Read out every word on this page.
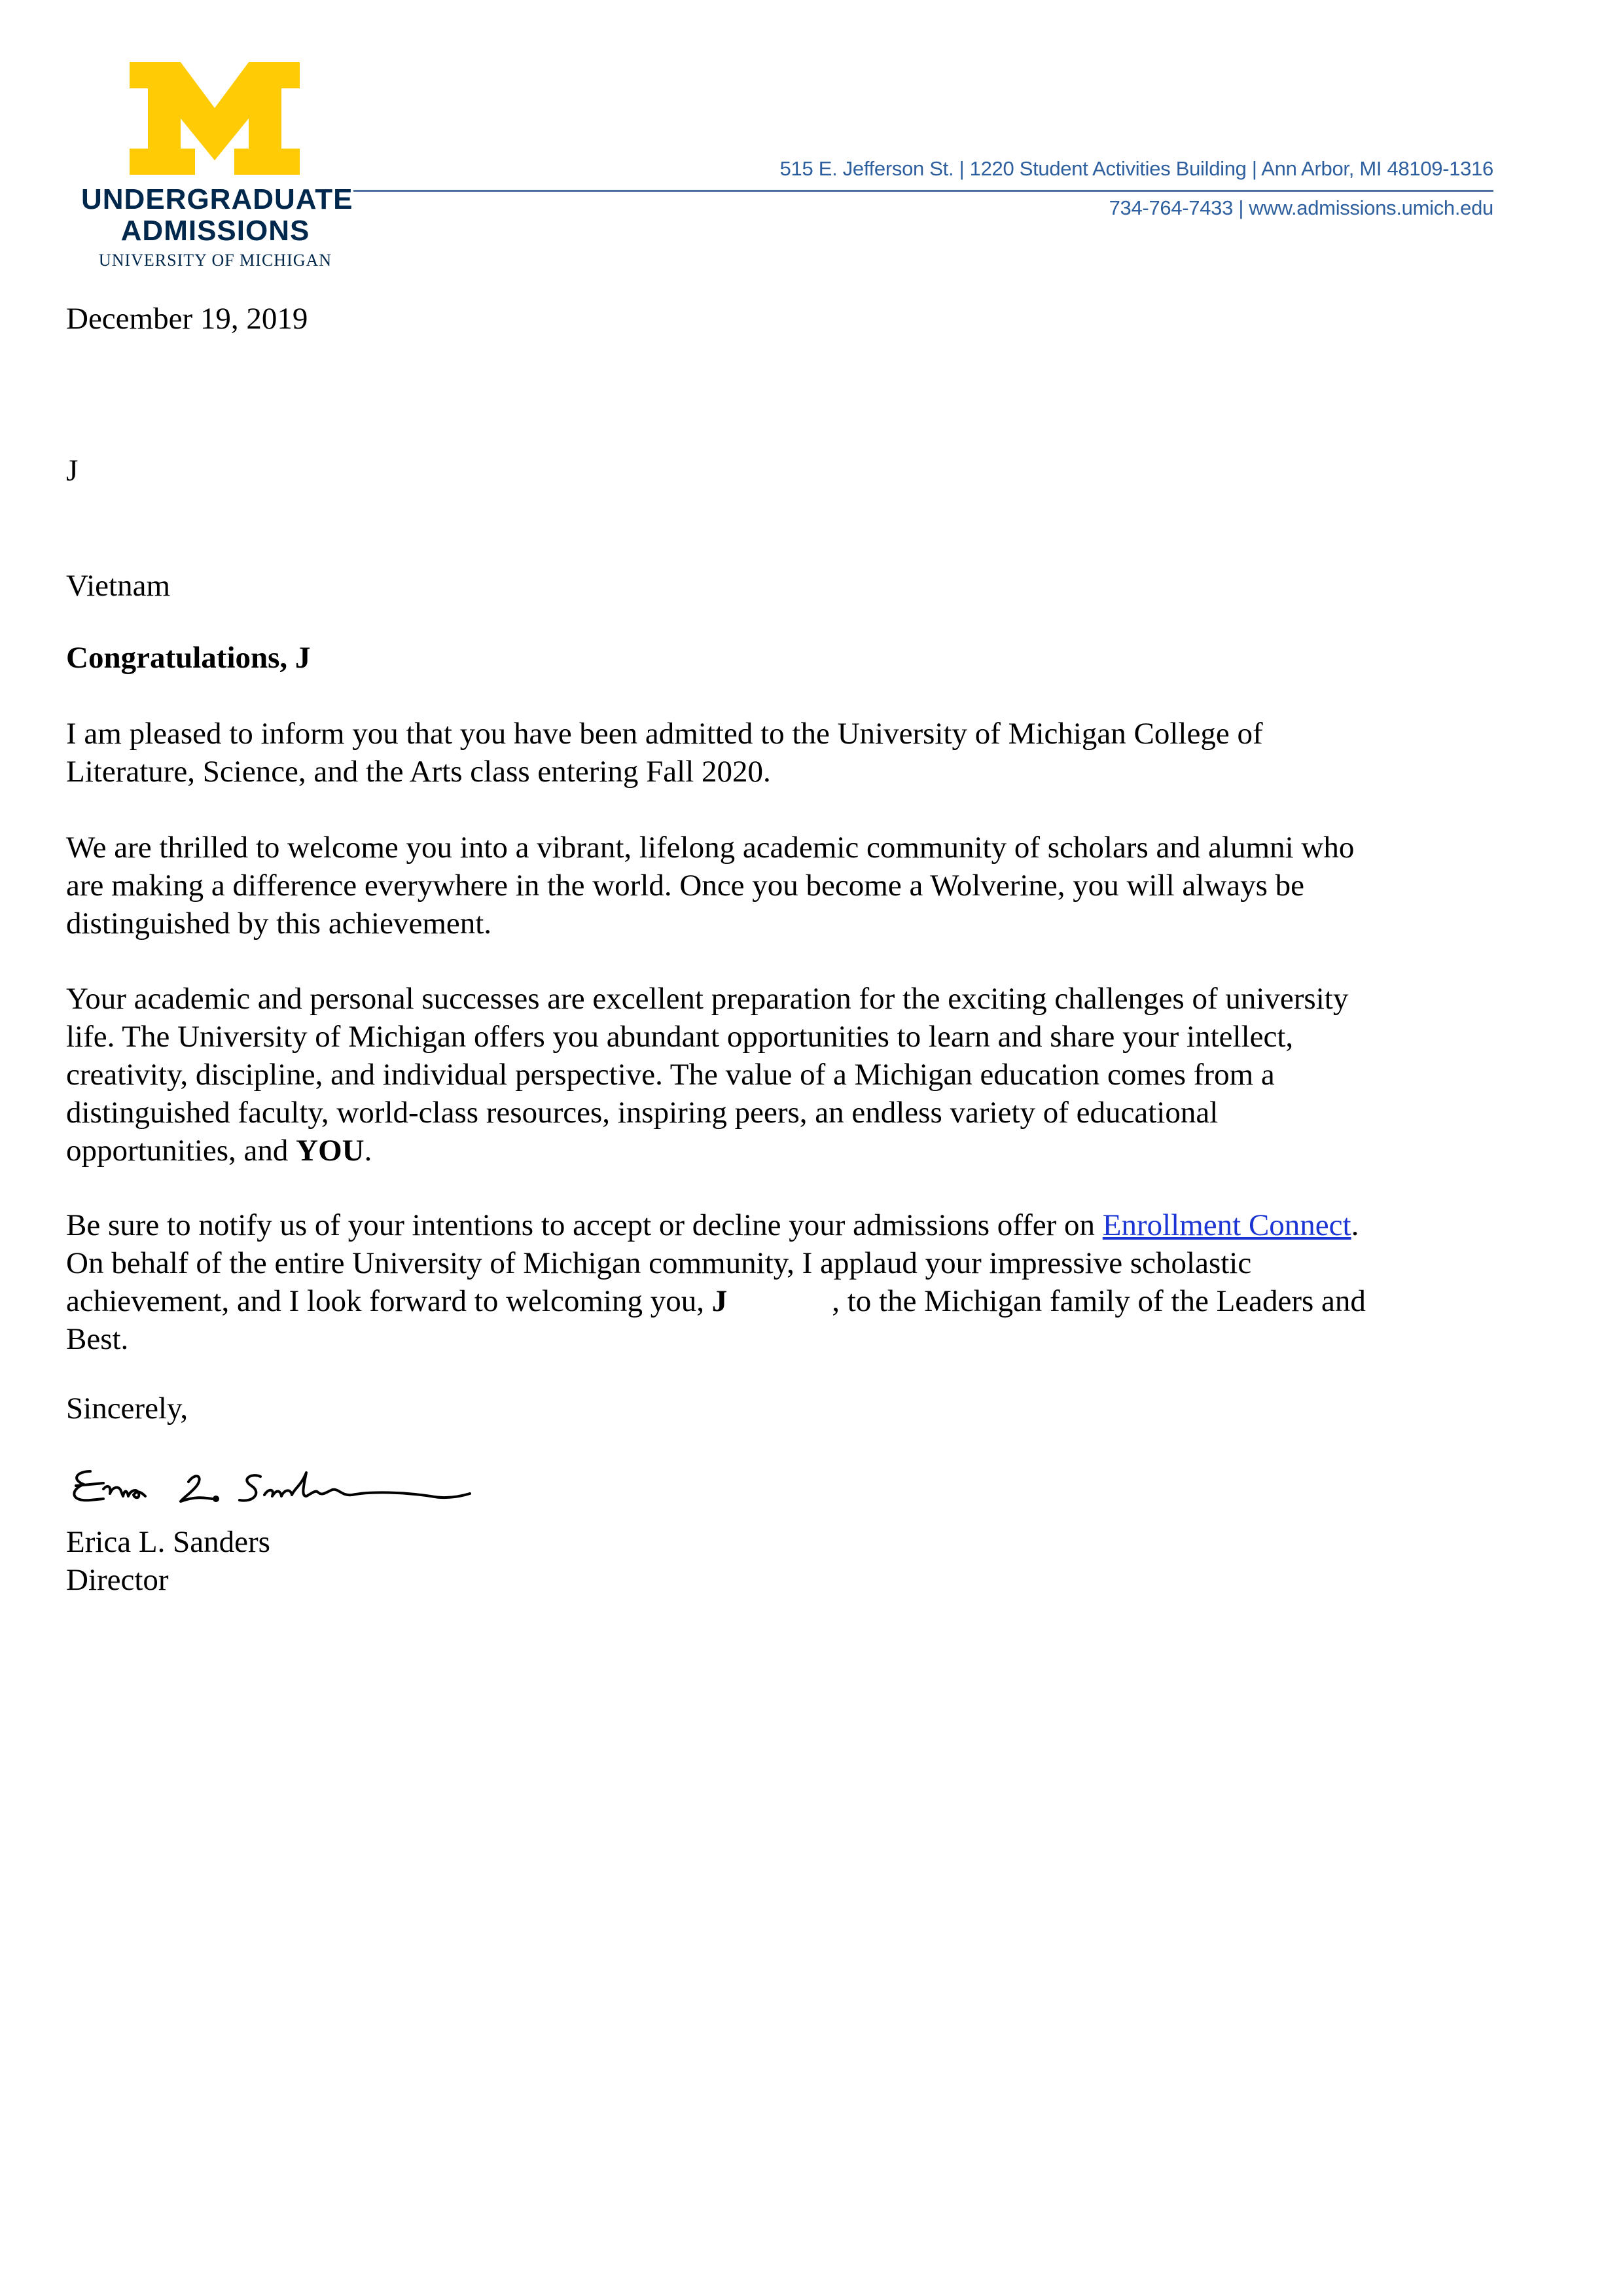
UNDERGRADUATE
ADMISSIONS
UNIVERSITY OF MICHIGAN
515 E. Jefferson St. | 1220 Student Activities Building | Ann Arbor, MI 48109-1316
734-764-7433 | www.admissions.umich.edu
December 19, 2019
J
Vietnam
Congratulations, J
I am pleased to inform you that you have been admitted to the University of Michigan College of
Literature, Science, and the Arts class entering Fall 2020.
We are thrilled to welcome you into a vibrant, lifelong academic community of scholars and alumni who
are making a difference everywhere in the world. Once you become a Wolverine, you will always be
distinguished by this achievement.
Your academic and personal successes are excellent preparation for the exciting challenges of university
life. The University of Michigan offers you abundant opportunities to learn and share your intellect,
creativity, discipline, and individual perspective. The value of a Michigan education comes from a
distinguished faculty, world-class resources, inspiring peers, an endless variety of educational
opportunities, and YOU.
Be sure to notify us of your intentions to accept or decline your admissions offer on Enrollment Connect.
On behalf of the entire University of Michigan community, I applaud your impressive scholastic
achievement, and I look forward to welcoming you, J	, to the Michigan family of the Leaders and
Best.
Sincerely,
Erica L. Sanders
Director
